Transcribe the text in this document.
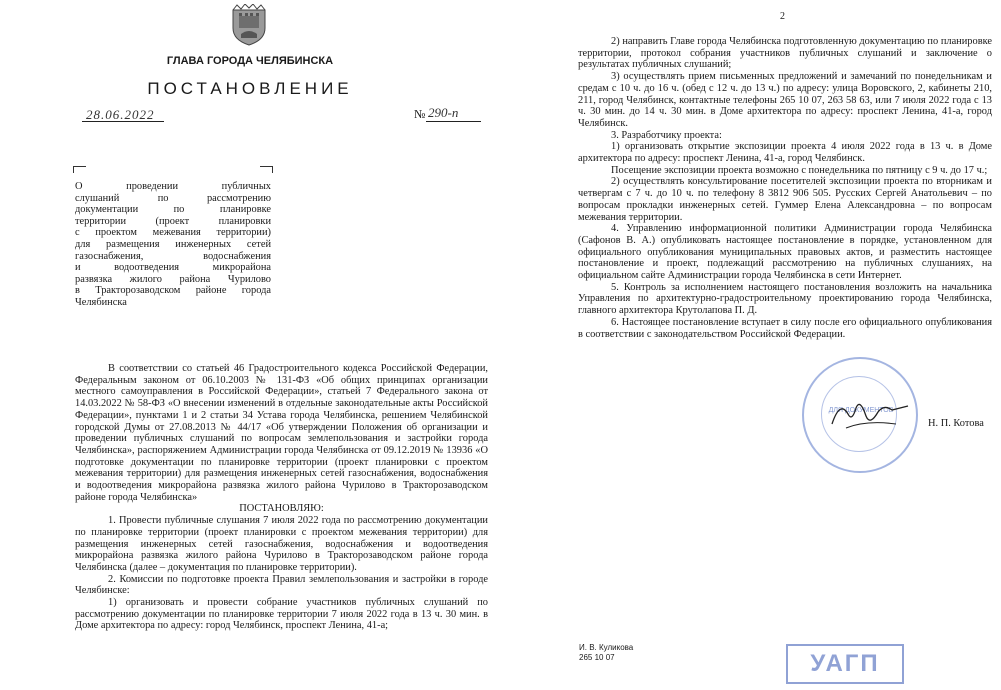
ГЛАВА ГОРОДА ЧЕЛЯБИНСКА
ПОСТАНОВЛЕНИЕ
28.06.2022	№ 290-п
О проведении публичных
слушаний по рассмотрению
документации по планировке
территории (проект планировки
с проектом межевания территории)
для размещения инженерных сетей
газоснабжения, водоснабжения
и водоотведения микрорайона
развязка жилого района Чурилово
в Тракторозаводском районе города
Челябинска

В соответствии со статьей 46 Градостроительного кодекса Российской Федерации, Федеральным законом от 06.10.2003 № 131-ФЗ «Об общих принципах организации местного самоуправления в Российской Федерации», статьей 7 Федерального закона от 14.03.2022 № 58-ФЗ «О внесении изменений в отдельные законодательные акты Российской Федерации», пунктами 1 и 2 статьи 34 Устава города Челябинска, решением Челябинской городской Думы от 27.08.2013 № 44/17 «Об утверждении Положения об организации и проведении публичных слушаний по вопросам землепользования и застройки города Челябинска», распоряжением Администрации города Челябинска от 09.12.2019 № 13936 «О подготовке документации по планировке территории (проект планировки с проектом межевания территории) для размещения инженерных сетей газоснабжения, водоснабжения и водоотведения микрорайона развязка жилого района Чурилово в Тракторозаводском районе города Челябинска»

ПОСТАНОВЛЯЮ:

1. Провести публичные слушания 7 июля 2022 года по рассмотрению документации по планировке территории (проект планировки с проектом межевания территории) для размещения инженерных сетей газоснабжения, водоснабжения и водоотведения микрорайона развязка жилого района Чурилово в Тракторозаводском районе города Челябинска (далее – документация по планировке территории).

2. Комиссии по подготовке проекта Правил землепользования и застройки в городе Челябинске:

1) организовать и провести собрание участников публичных слушаний по рассмотрению документации по планировке территории 7 июля 2022 года в 13 ч. 30 мин. в Доме архитектора по адресу: город Челябинск, проспект Ленина, 41-а;

2

2) направить Главе города Челябинска подготовленную документацию по планировке территории, протокол собрания участников публичных слушаний и заключение о результатах публичных слушаний;

3) осуществлять прием письменных предложений и замечаний по понедельникам и средам с 10 ч. до 16 ч. (обед с 12 ч. до 13 ч.) по адресу: улица Воровского, 2, кабинеты 210, 211, город Челябинск, контактные телефоны 265 10 07, 263 58 63, или 7 июля 2022 года с 13 ч. 30 мин. до 14 ч. 30 мин. в Доме архитектора по адресу: проспект Ленина, 41-а, город Челябинск.

3. Разработчику проекта:

1) организовать открытие экспозиции проекта 4 июля 2022 года в 13 ч. в Доме архитектора по адресу: проспект Ленина, 41-а, город Челябинск.

Посещение экспозиции проекта возможно с понедельника по пятницу с 9 ч. до 17 ч.;

2) осуществлять консультирование посетителей экспозиции проекта по вторникам и четвергам с 7 ч. до 10 ч. по телефону 8 3812 906 505. Русских Сергей Анатольевич – по вопросам прокладки инженерных сетей. Гуммер Елена Александровна – по вопросам межевания территории.

4. Управлению информационной политики Администрации города Челябинска (Сафонов В. А.) опубликовать настоящее постановление в порядке, установленном для официального опубликования муниципальных правовых актов, и разместить настоящее постановление и проект, подлежащий рассмотрению на публичных слушаниях, на официальном сайте Администрации города Челябинска в сети Интернет.

5. Контроль за исполнением настоящего постановления возложить на начальника Управления по архитектурно-градостроительному проектированию города Челябинска, главного архитектора Крутолапова П. Д.

6. Настоящее постановление вступает в силу после его официального опубликования в соответствии с законодательством Российской Федерации.

ДЛЯ ДОКУМЕНТОВ
Н. П. Котова
И. В. Куликова
265 10 07	УАГП
